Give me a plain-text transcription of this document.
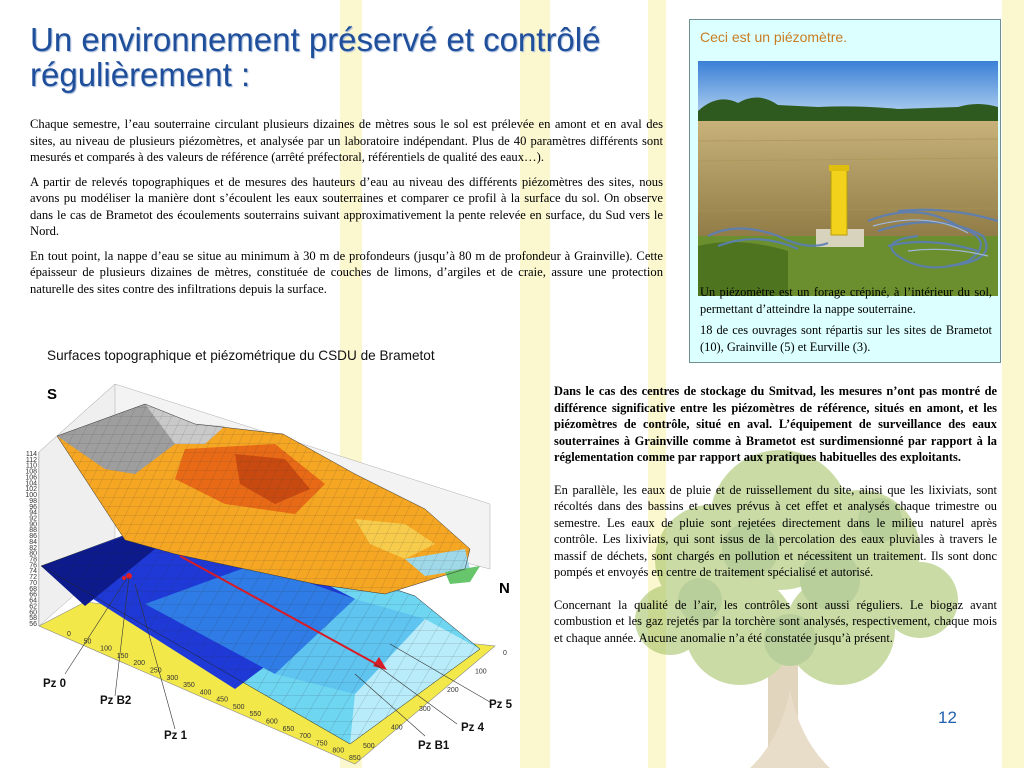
Un environnement préservé et contrôlé régulièrement :

Chaque semestre, l’eau souterraine circulant plusieurs dizaines de mètres sous le sol est prélevée en amont et en aval des sites, au niveau de plusieurs piézomètres, et analysée par un laboratoire indépendant. Plus de 40 paramètres différents sont mesurés et comparés à des valeurs de référence (arrêté préfectoral, référentiels de qualité des eaux…).

A partir de relevés topographiques et de mesures des hauteurs d’eau au niveau des différents piézomètres des sites, nous avons pu modéliser la manière dont s’écoulent les eaux souterraines et comparer ce profil à la surface du sol. On observe dans le cas de Brametot des écoulements souterrains suivant approximativement la pente relevée en surface, du Sud vers le Nord.

En tout point, la nappe d’eau se situe au minimum à 30 m de profondeurs (jusqu’à 80 m de profondeur à Grainville). Cette épaisseur de plusieurs dizaines de mètres, constituée de couches de limons, d’argiles et de craie, assure une protection naturelle des sites contre des infiltrations depuis la surface.

Surfaces topographique et piézométrique du CSDU de Brametot
S
N
114
112
110
108
106
104
102
100
98
96
94
92
90
88
86
84
82
80
78
76
74
72
70
68
66
64
62
60
58
56
0
50
100
150
200
250
300
350
400
450
500
550
600
650
700
750
800
850
0
100
200
300
400
500
Pz 0
Pz B2
Pz 1
Pz B1
Pz 4
Pz 5
Ceci est un piézomètre.

Un piézomètre est un forage crépiné, à l’intérieur du sol, permettant d’atteindre la nappe souterraine.

18 de ces ouvrages sont répartis sur les sites de Brametot (10), Grainville (5) et Eurville (3).

Dans le cas des centres de stockage du Smitvad, les mesures n’ont pas montré de différence significative entre les piézomètres de référence, situés en amont, et les piézomètres de contrôle, situé en aval. L’équipement de surveillance des eaux souterraines à Grainville comme à Brametot est surdimensionné par rapport à la réglementation comme par rapport aux pratiques habituelles des exploitants.

En parallèle, les eaux de pluie et de ruissellement du site, ainsi que les lixiviats, sont récoltés dans des bassins et cuves prévus à cet effet et analysés chaque trimestre ou semestre. Les eaux de pluie sont rejetées directement dans le milieu naturel après contrôle. Les lixiviats, qui sont issus de la percolation des eaux pluviales à travers le massif de déchets, sont chargés en pollution et nécessitent un traitement. Ils sont donc pompés et envoyés en centre de traitement spécialisé et autorisé.

Concernant la qualité de l’air, les contrôles sont aussi réguliers. Le biogaz avant combustion et les gaz rejetés par la torchère sont analysés, respectivement, chaque mois et chaque année. Aucune anomalie n’a été constatée jusqu’à présent.

12
